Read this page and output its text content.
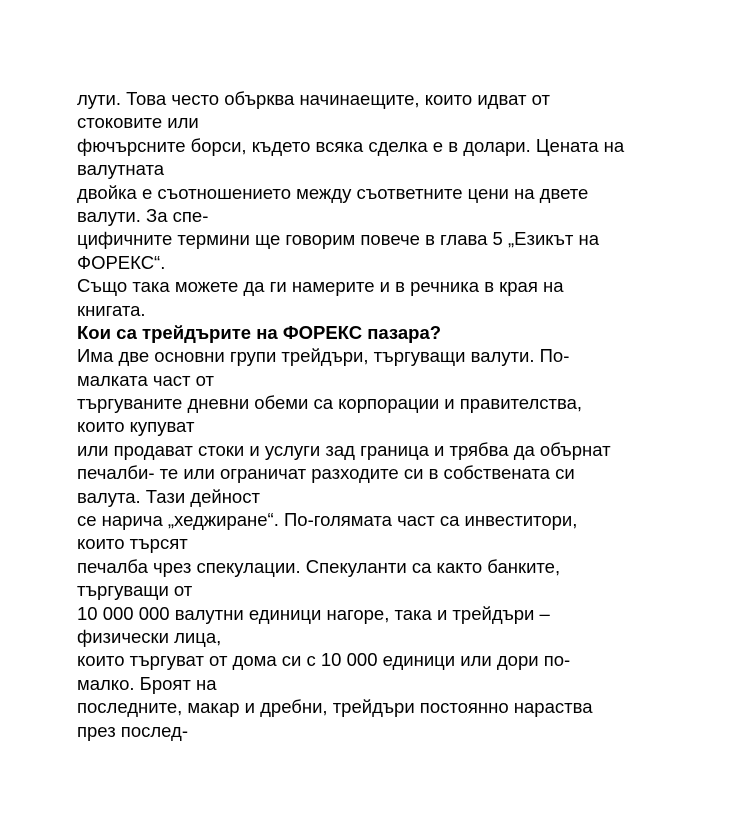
лути. Това често обърква начинаещите, които идват от
стоковите или
фючърсните борси, където всяка сделка е в долари. Цената на
валутната
двойка е съотношението между съответните цени на двете
валути. За спе-
цифичните термини ще говорим повече в глава 5 „Езикът на
ФОРЕКС“.
Също така можете да ги намерите и в речника в края на
книгата.
Кои са трейдърите на ФОРЕКС пазара?
Има две основни групи трейдъри, търгуващи валути. По-
малката част от
търгуваните дневни обеми са корпорации и правителства,
които купуват
или продават стоки и услуги зад граница и трябва да обърнат
печалби- те или ограничат разходите си в собствената си
валута. Тази дейност
се нарича „хеджиране“. По-голямата част са инвеститори,
които търсят
печалба чрез спекулации. Спекуланти са както банките,
търгуващи от
10 000 000 валутни единици нагоре, така и трейдъри –
физически лица,
които търгуват от дома си с 10 000 единици или дори по-
малко. Броят на
последните, макар и дребни, трейдъри постоянно нараства
през послед-
